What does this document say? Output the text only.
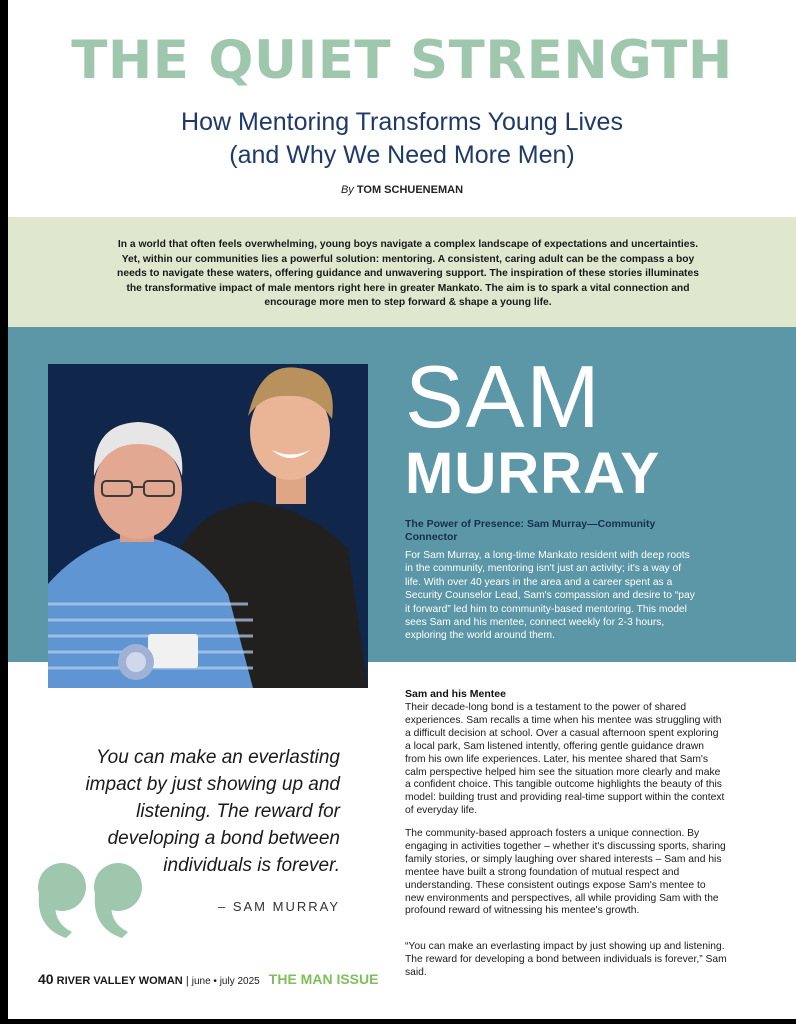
THE QUIET STRENGTH
How Mentoring Transforms Young Lives
(and Why We Need More Men)
By TOM SCHUENEMAN

In a world that often feels overwhelming, young boys navigate a complex landscape of expectations and uncertainties. Yet, within our communities lies a powerful solution: mentoring. A consistent, caring adult can be the compass a boy needs to navigate these waters, offering guidance and unwavering support. The inspiration of these stories illuminates the transformative impact of male mentors right here in greater Mankato. The aim is to spark a vital connection and encourage more men to step forward & shape a young life.

SAM
MURRAY
The Power of Presence: Sam Murray—Community Connector

For Sam Murray, a long-time Mankato resident with deep roots in the community, mentoring isn't just an activity; it's a way of life. With over 40 years in the area and a career spent as a Security Counselor Lead, Sam's compassion and desire to “pay it forward” led him to community-based mentoring. This model sees Sam and his mentee, connect weekly for 2-3 hours, exploring the world around them.

Sam and his Mentee

Their decade-long bond is a testament to the power of shared experiences. Sam recalls a time when his mentee was struggling with a difficult decision at school. Over a casual afternoon spent exploring a local park, Sam listened intently, offering gentle guidance drawn from his own life experiences. Later, his mentee shared that Sam's calm perspective helped him see the situation more clearly and make a confident choice. This tangible outcome highlights the beauty of this model: building trust and providing real-time support within the context of everyday life.

The community-based approach fosters a unique connection. By engaging in activities together – whether it's discussing sports, sharing family stories, or simply laughing over shared interests – Sam and his mentee have built a strong foundation of mutual respect and understanding. These consistent outings expose Sam's mentee to new environments and perspectives, all while providing Sam with the profound reward of witnessing his mentee's growth.

“You can make an everlasting impact by just showing up and listening. The reward for developing a bond between individuals is forever,” Sam said.

You can make an everlasting impact by just showing up and listening. The reward for developing a bond between individuals is forever.

– SAM MURRAY
40 RIVER VALLEY WOMAN | june • july 2025 THE MAN ISSUE
